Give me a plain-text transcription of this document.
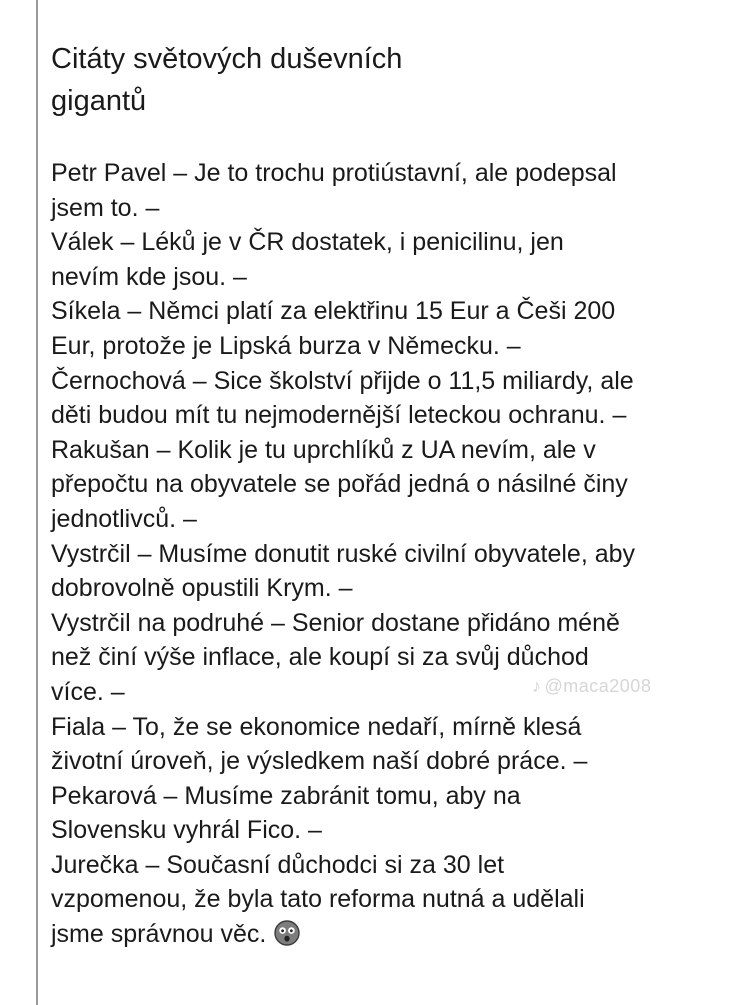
Citáty světových duševních
gigantů
Petr Pavel – Je to trochu protiústavní, ale podepsal
jsem to. –
Válek – Léků je v ČR dostatek, i penicilinu, jen
nevím kde jsou. –
Síkela – Němci platí za elektřinu 15 Eur a Češi 200
Eur, protože je Lipská burza v Německu. –
Černochová – Sice školství přijde o 11,5 miliardy, ale
děti budou mít tu nejmodernější leteckou ochranu. –
Rakušan – Kolik je tu uprchlíků z UA nevím, ale v
přepočtu na obyvatele se pořád jedná o násilné činy
jednotlivců. –
Vystrčil – Musíme donutit ruské civilní obyvatele, aby
dobrovolně opustili Krym. –
Vystrčil na podruhé – Senior dostane přidáno méně
než činí výše inflace, ale koupí si za svůj důchod
více. –
Fiala – To, že se ekonomice nedaří, mírně klesá
životní úroveň, je výsledkem naší dobré práce. –
Pekarová – Musíme zabránit tomu, aby na
Slovensku vyhrál Fico. –
Jurečka – Současní důchodci si za 30 let
vzpomenou, že byla tato reforma nutná a udělali
jsme správnou věc.
♪ @maca2008
